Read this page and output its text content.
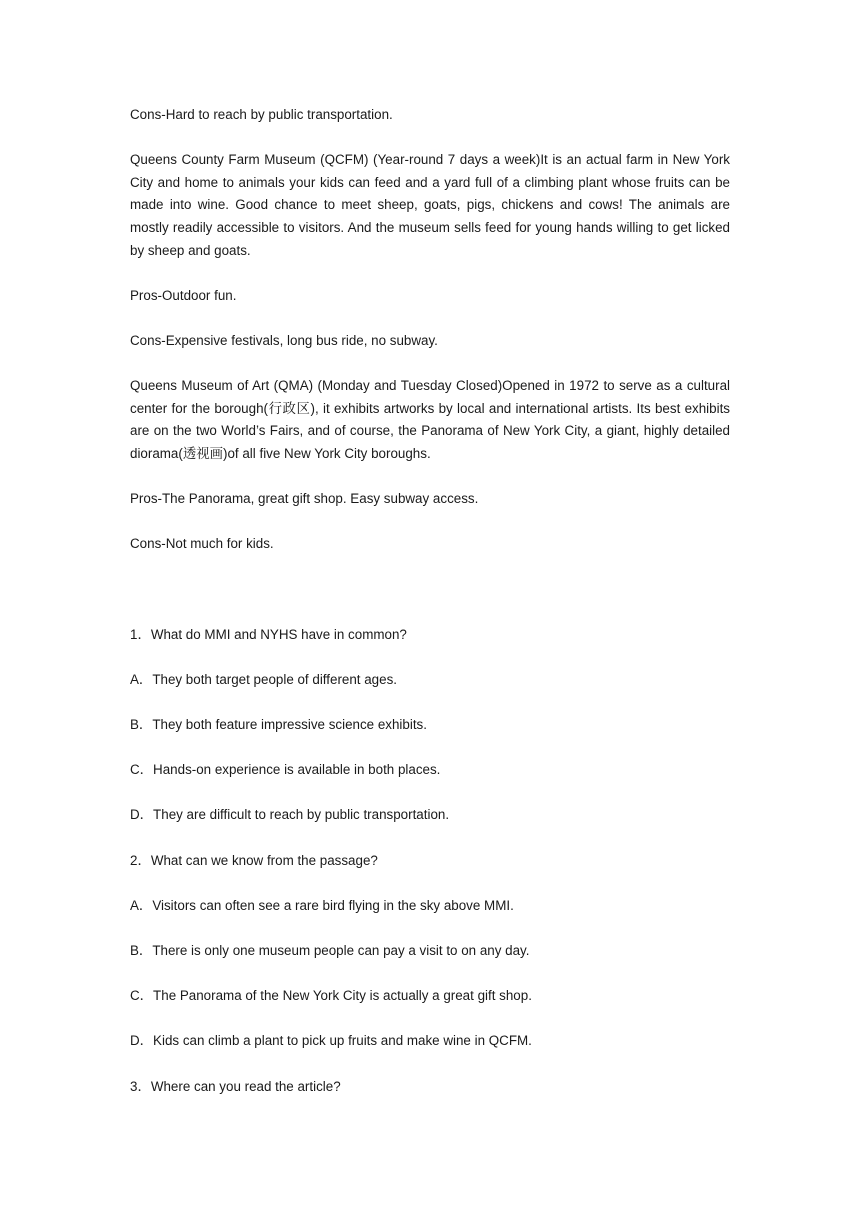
Cons-Hard to reach by public transportation.

Queens County Farm Museum (QCFM) (Year-round 7 days a week)It is an actual farm in New York City and home to animals your kids can feed and a yard full of a climbing plant whose fruits can be made into wine. Good chance to meet sheep, goats, pigs, chickens and cows! The animals are mostly readily accessible to visitors. And the museum sells feed for young hands willing to get licked by sheep and goats.

Pros-Outdoor fun.

Cons-Expensive festivals, long bus ride, no subway.

Queens Museum of Art (QMA) (Monday and Tuesday Closed)Opened in 1972 to serve as a cultural center for the borough(行政区), it exhibits artworks by local and international artists. Its best exhibits are on the two World’s Fairs, and of course, the Panorama of New York City, a giant, highly detailed diorama(透视画)of all five New York City boroughs.

Pros-The Panorama, great gift shop. Easy subway access.

Cons-Not much for kids.

1．What do MMI and NYHS have in common?

A．They both target people of different ages.

B．They both feature impressive science exhibits.

C．Hands-on experience is available in both places.

D．They are difficult to reach by public transportation.

2．What can we know from the passage?

A．Visitors can often see a rare bird flying in the sky above MMI.

B．There is only one museum people can pay a visit to on any day.

C．The Panorama of the New York City is actually a great gift shop.

D．Kids can climb a plant to pick up fruits and make wine in QCFM.

3．Where can you read the article?
